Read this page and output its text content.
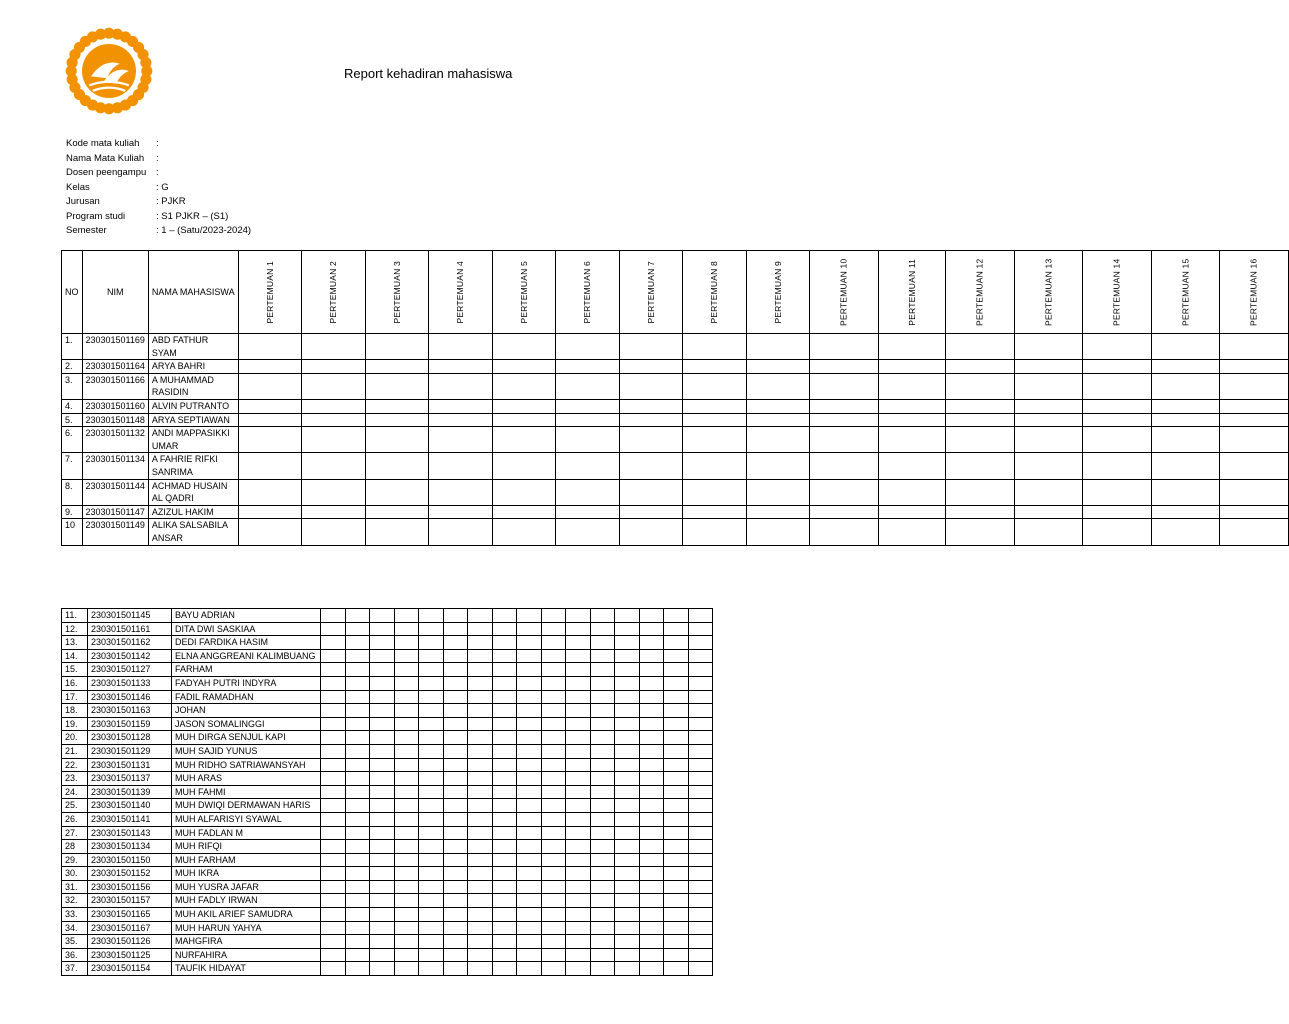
Report kehadiran mahasiswa
Kode mata kuliah	:
Nama Mata Kuliah	:
Dosen peengampu	:
Kelas	: G
Jurusan	: PJKR
Program studi	: S1 PJKR – (S1)
Semester	: 1 – (Satu/2023-2024)
NO	NIM	NAMA MAHASISWA	PERTEMUAN 1	PERTEMUAN 2	PERTEMUAN 3	PERTEMUAN 4	PERTEMUAN 5	PERTEMUAN 6	PERTEMUAN 7	PERTEMUAN 8	PERTEMUAN 9	PERTEMUAN 10	PERTEMUAN 11	PERTEMUAN 12	PERTEMUAN 13	PERTEMUAN 14	PERTEMUAN 15	PERTEMUAN 16
1.	230301501169	ABD FATHUR SYAM																
2.	230301501164	ARYA BAHRI																
3.	230301501166	A MUHAMMAD RASIDIN																
4.	230301501160	ALVIN PUTRANTO																
5.	230301501148	ARYA SEPTIAWAN																
6.	230301501132	ANDI MAPPASIKKI UMAR																
7.	230301501134	A FAHRIE RIFKI SANRIMA																
8.	230301501144	ACHMAD HUSAIN AL QADRI																
9.	230301501147	AZIZUL HAKIM																
10	230301501149	ALIKA SALSABILA ANSAR																
11.	230301501145	BAYU ADRIAN																
12.	230301501161	DITA DWI SASKIAA																
13.	230301501162	DEDI FARDIKA HASIM																
14.	230301501142	ELNA ANGGREANI KALIMBUANG																
15.	230301501127	FARHAM																
16.	230301501133	FADYAH PUTRI INDYRA																
17.	230301501146	FADIL RAMADHAN																
18.	230301501163	JOHAN																
19.	230301501159	JASON SOMALINGGI																
20.	230301501128	MUH DIRGA SENJUL KAPI																
21.	230301501129	MUH SAJID YUNUS																
22.	230301501131	MUH RIDHO SATRIAWANSYAH																
23.	230301501137	MUH ARAS																
24.	230301501139	MUH FAHMI																
25.	230301501140	MUH DWIQI DERMAWAN HARIS																
26.	230301501141	MUH ALFARISYI SYAWAL																
27.	230301501143	MUH FADLAN M																
28	230301501134	MUH RIFQI																
29.	230301501150	MUH FARHAM																
30.	230301501152	MUH IKRA																
31.	230301501156	MUH YUSRA JAFAR																
32.	230301501157	MUH FADLY IRWAN																
33.	230301501165	MUH AKIL ARIEF SAMUDRA																
34.	230301501167	MUH HARUN YAHYA																
35.	230301501126	MAHGFIRA																
36.	230301501125	NURFAHIRA																
37.	230301501154	TAUFIK HIDAYAT																
